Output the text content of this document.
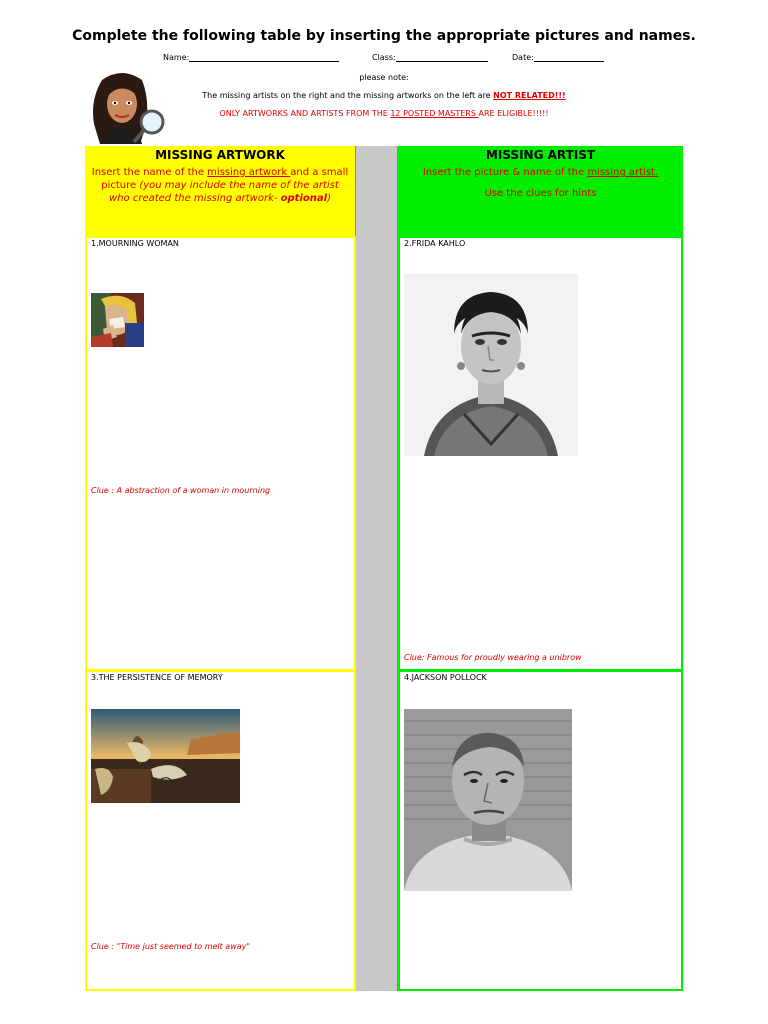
Complete the following table by inserting the appropriate pictures and names.
Name:	Class:	Date:
please note:
The missing artists on the right and the missing artworks on the left are NOT RELATED!!!
ONLY ARTWORKS AND ARTISTS FROM THE 12 POSTED MASTERS ARE ELIGIBLE!!!!!
MISSING ARTWORK
Insert the name of the missing artwork and a small picture (you may include the name of the artist who created the missing artwork- optional)
MISSING ARTIST
Insert the picture & name of the missing artist.
Use the clues for hints
1.MOURNING WOMAN
Clue : A abstraction of a woman in mourning
2.FRIDA KAHLO
Clue: Famous for proudly wearing a unibrow
3.THE PERSISTENCE OF MEMORY
Clue : "Time just seemed to melt away"
4.JACKSON POLLOCK
